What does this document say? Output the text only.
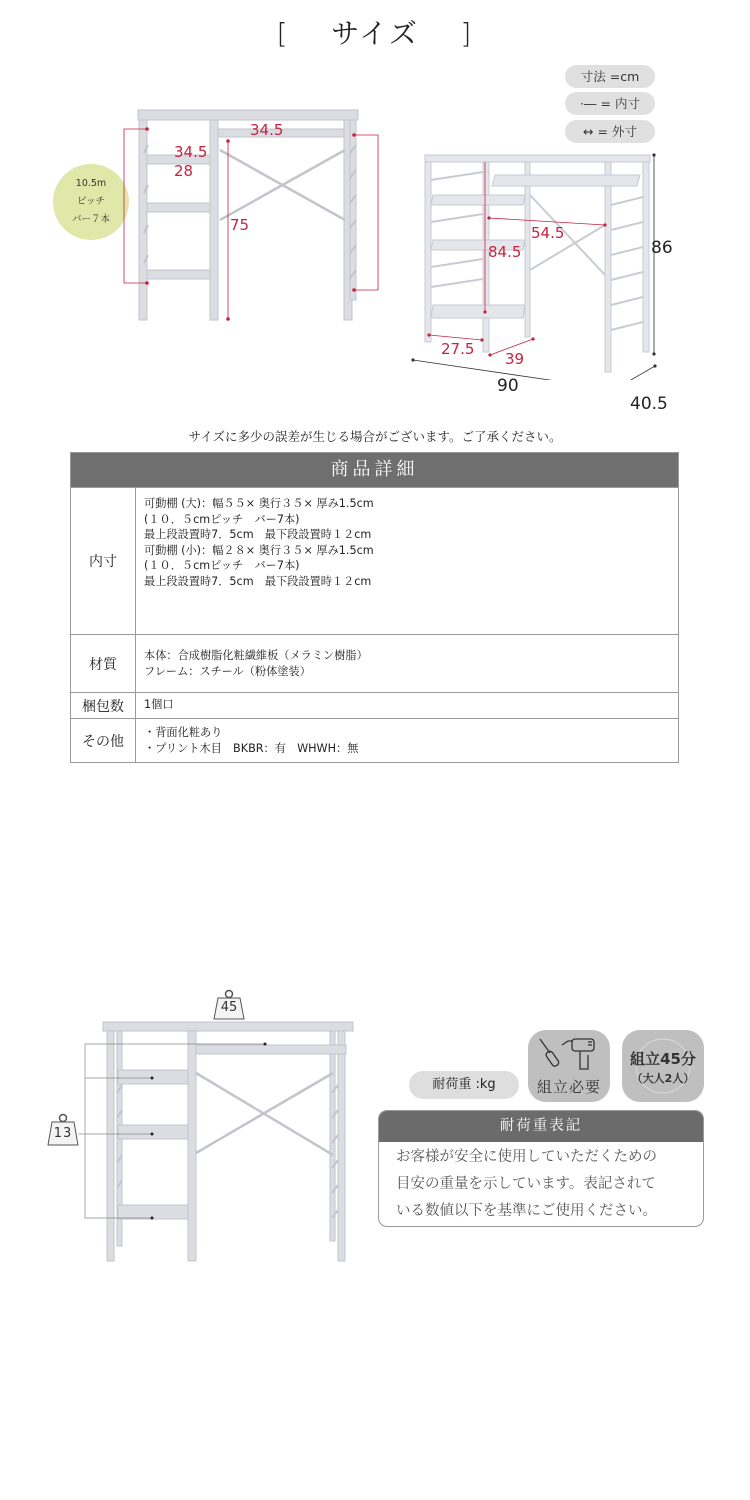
[ サイズ ]
寸法 =cm
·― = 内寸
↔ = 外寸
10.5m
ピッチ
バー７本
34.5
34.5
28
75	54.5
84.5
27.5
39
86
90
40.5
サイズに多少の誤差が生じる場合がございます。ご了承ください。
商品詳細
内寸
可動棚 (大)：幅５５× 奥行３５× 厚み1.5cm
(１０．５cmピッチ　バー7本)
最上段設置時7．5cm　最下段設置時１２cm
可動棚 (小)：幅２８× 奥行３５× 厚み1.5cm
(１０．５cmピッチ　バー7本)
最上段設置時7．5cm　最下段設置時１２cm
材質
本体：合成樹脂化粧繊維板（メラミン樹脂）
フレーム：スチール（粉体塗装）
梱包数	1個口
その他
・背面化粧あり
・プリント木目　BKBR：有　WHWH：無
45
13
耐荷重 :kg	組立必要
組立45分
（大人2人）
耐荷重表記
お客様が安全に使用していただくための
目安の重量を示しています。表記されて
いる数値以下を基準にご使用ください。
